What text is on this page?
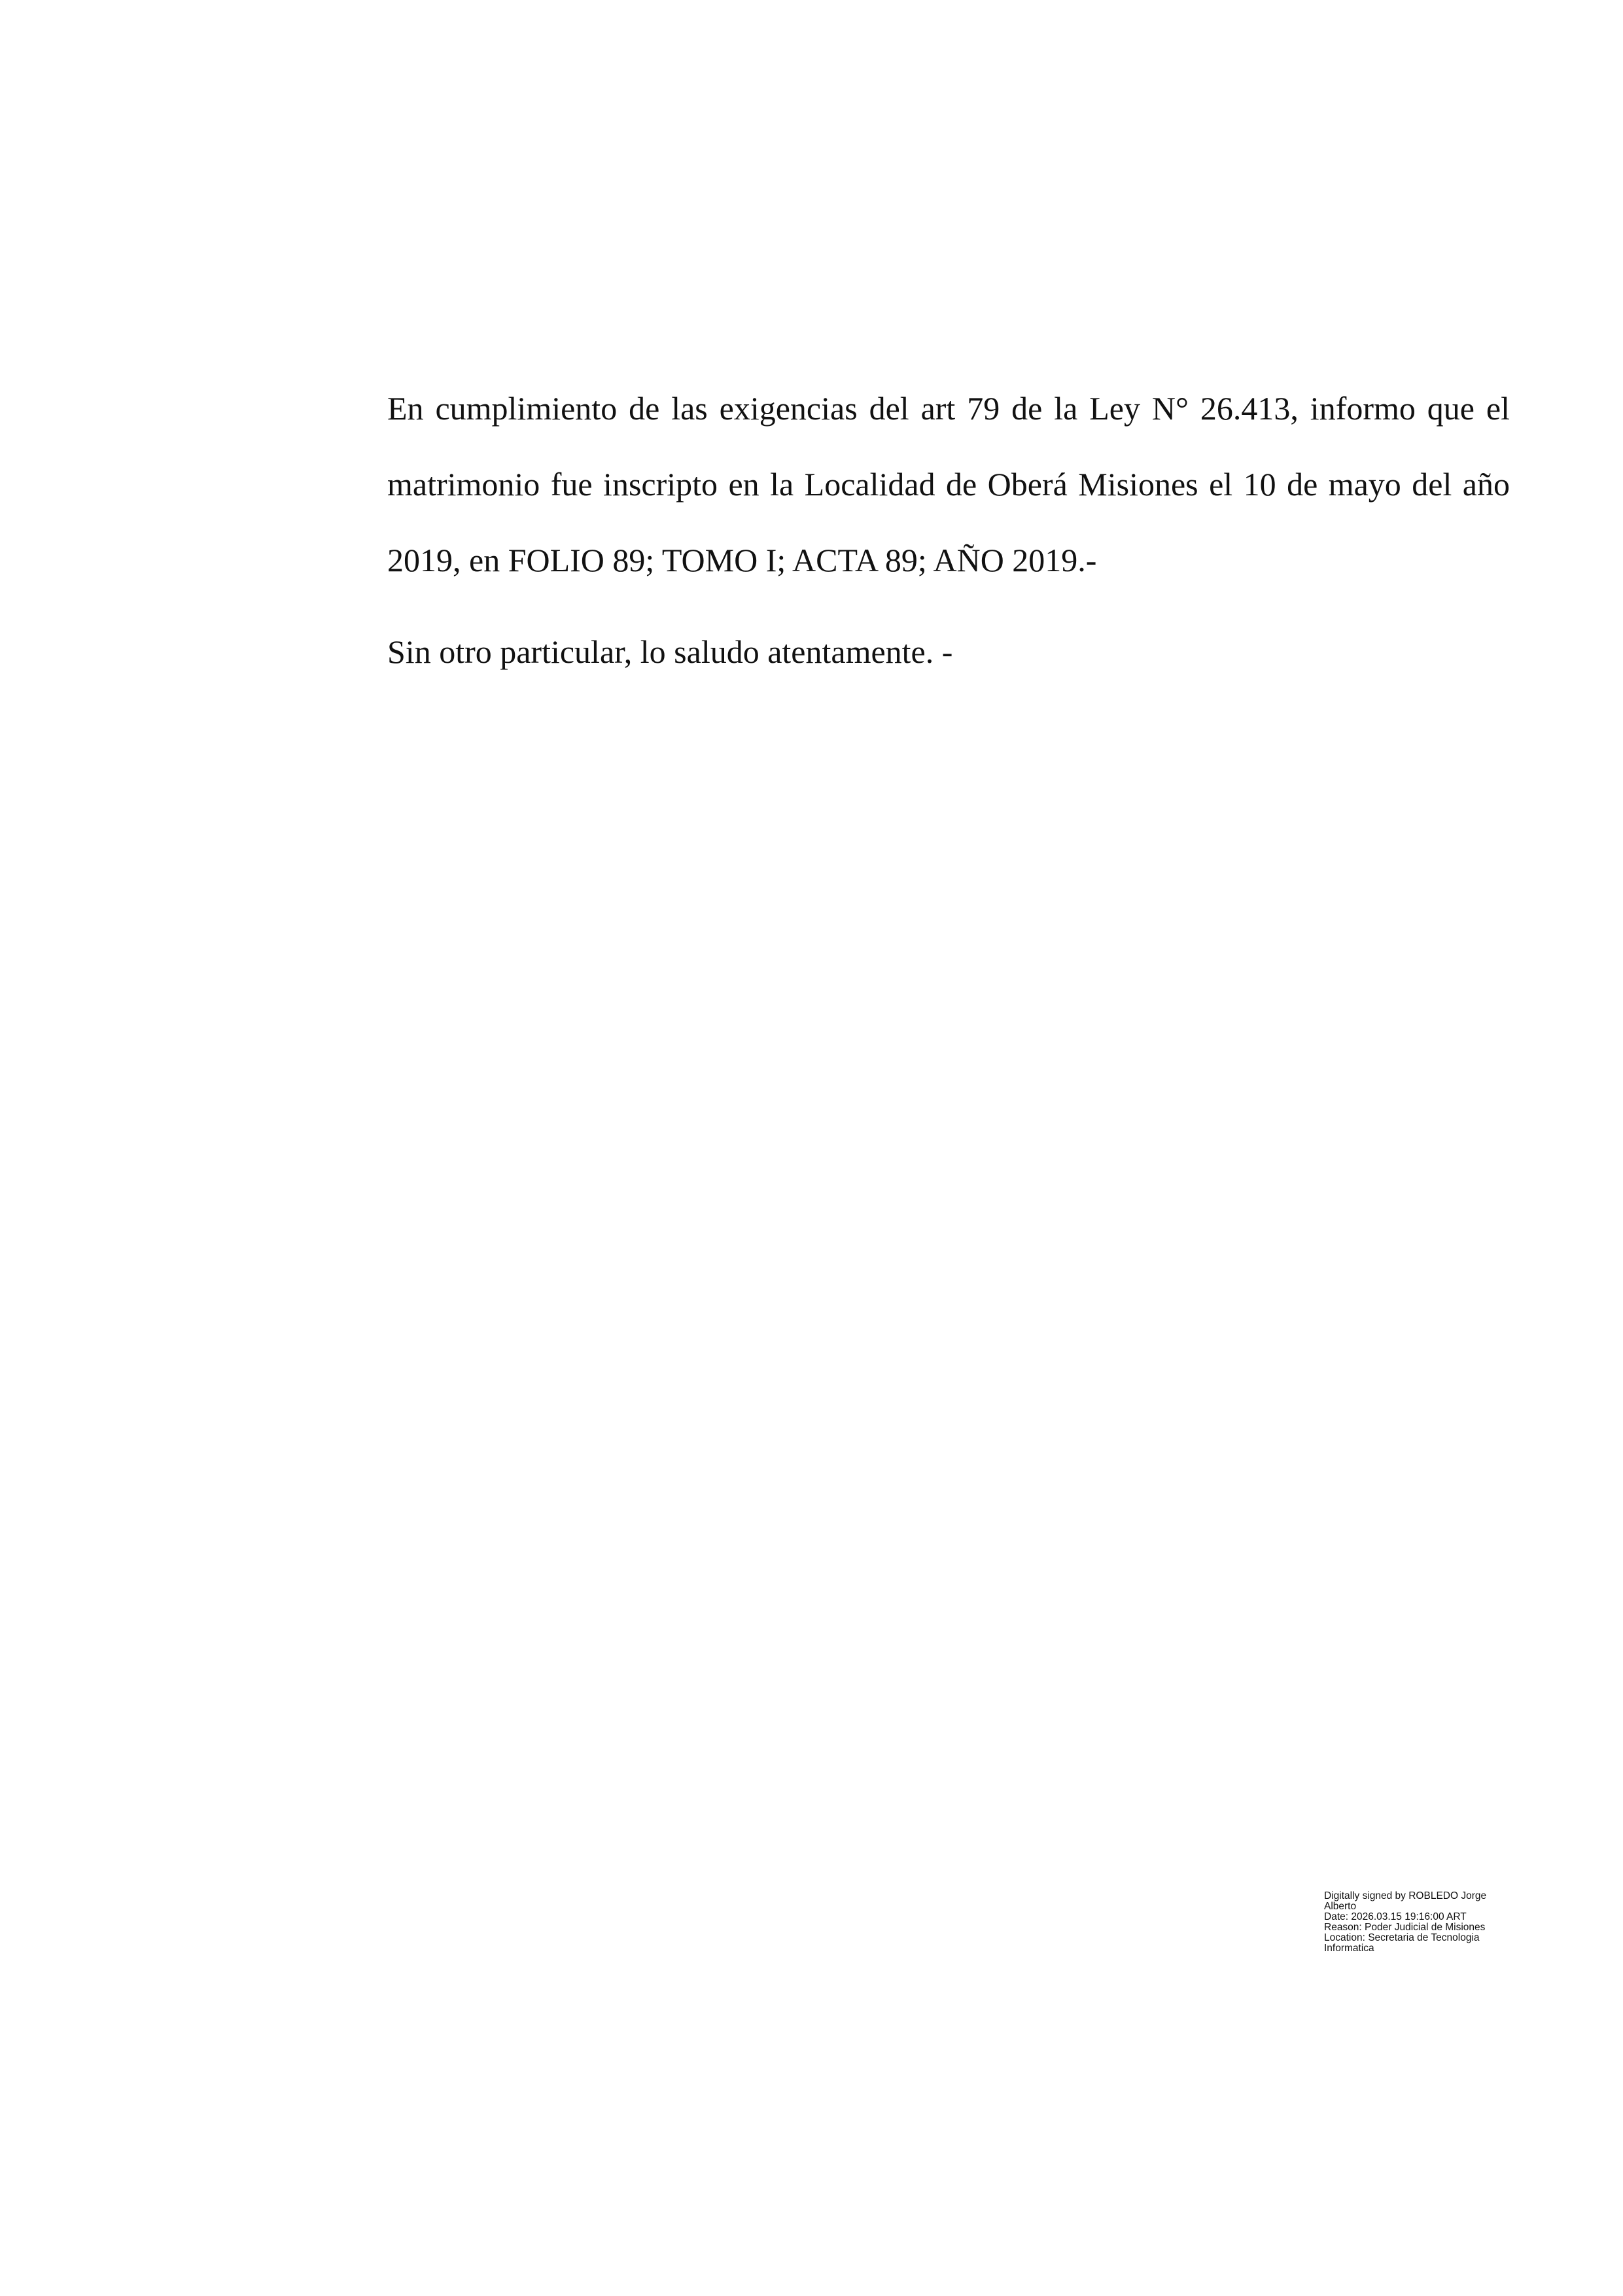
En cumplimiento de las exigencias del art 79 de la Ley N° 26.413, informo que el matrimonio fue inscripto en la Localidad de Oberá Misiones el 10 de mayo del año 2019, en FOLIO 89; TOMO I; ACTA 89; AÑO 2019.-

Sin otro particular, lo saludo atentamente. -

Digitally signed by ROBLEDO Jorge Alberto
Date: 2026.03.15 19:16:00 ART
Reason: Poder Judicial de Misiones
Location: Secretaria de Tecnologia Informatica
